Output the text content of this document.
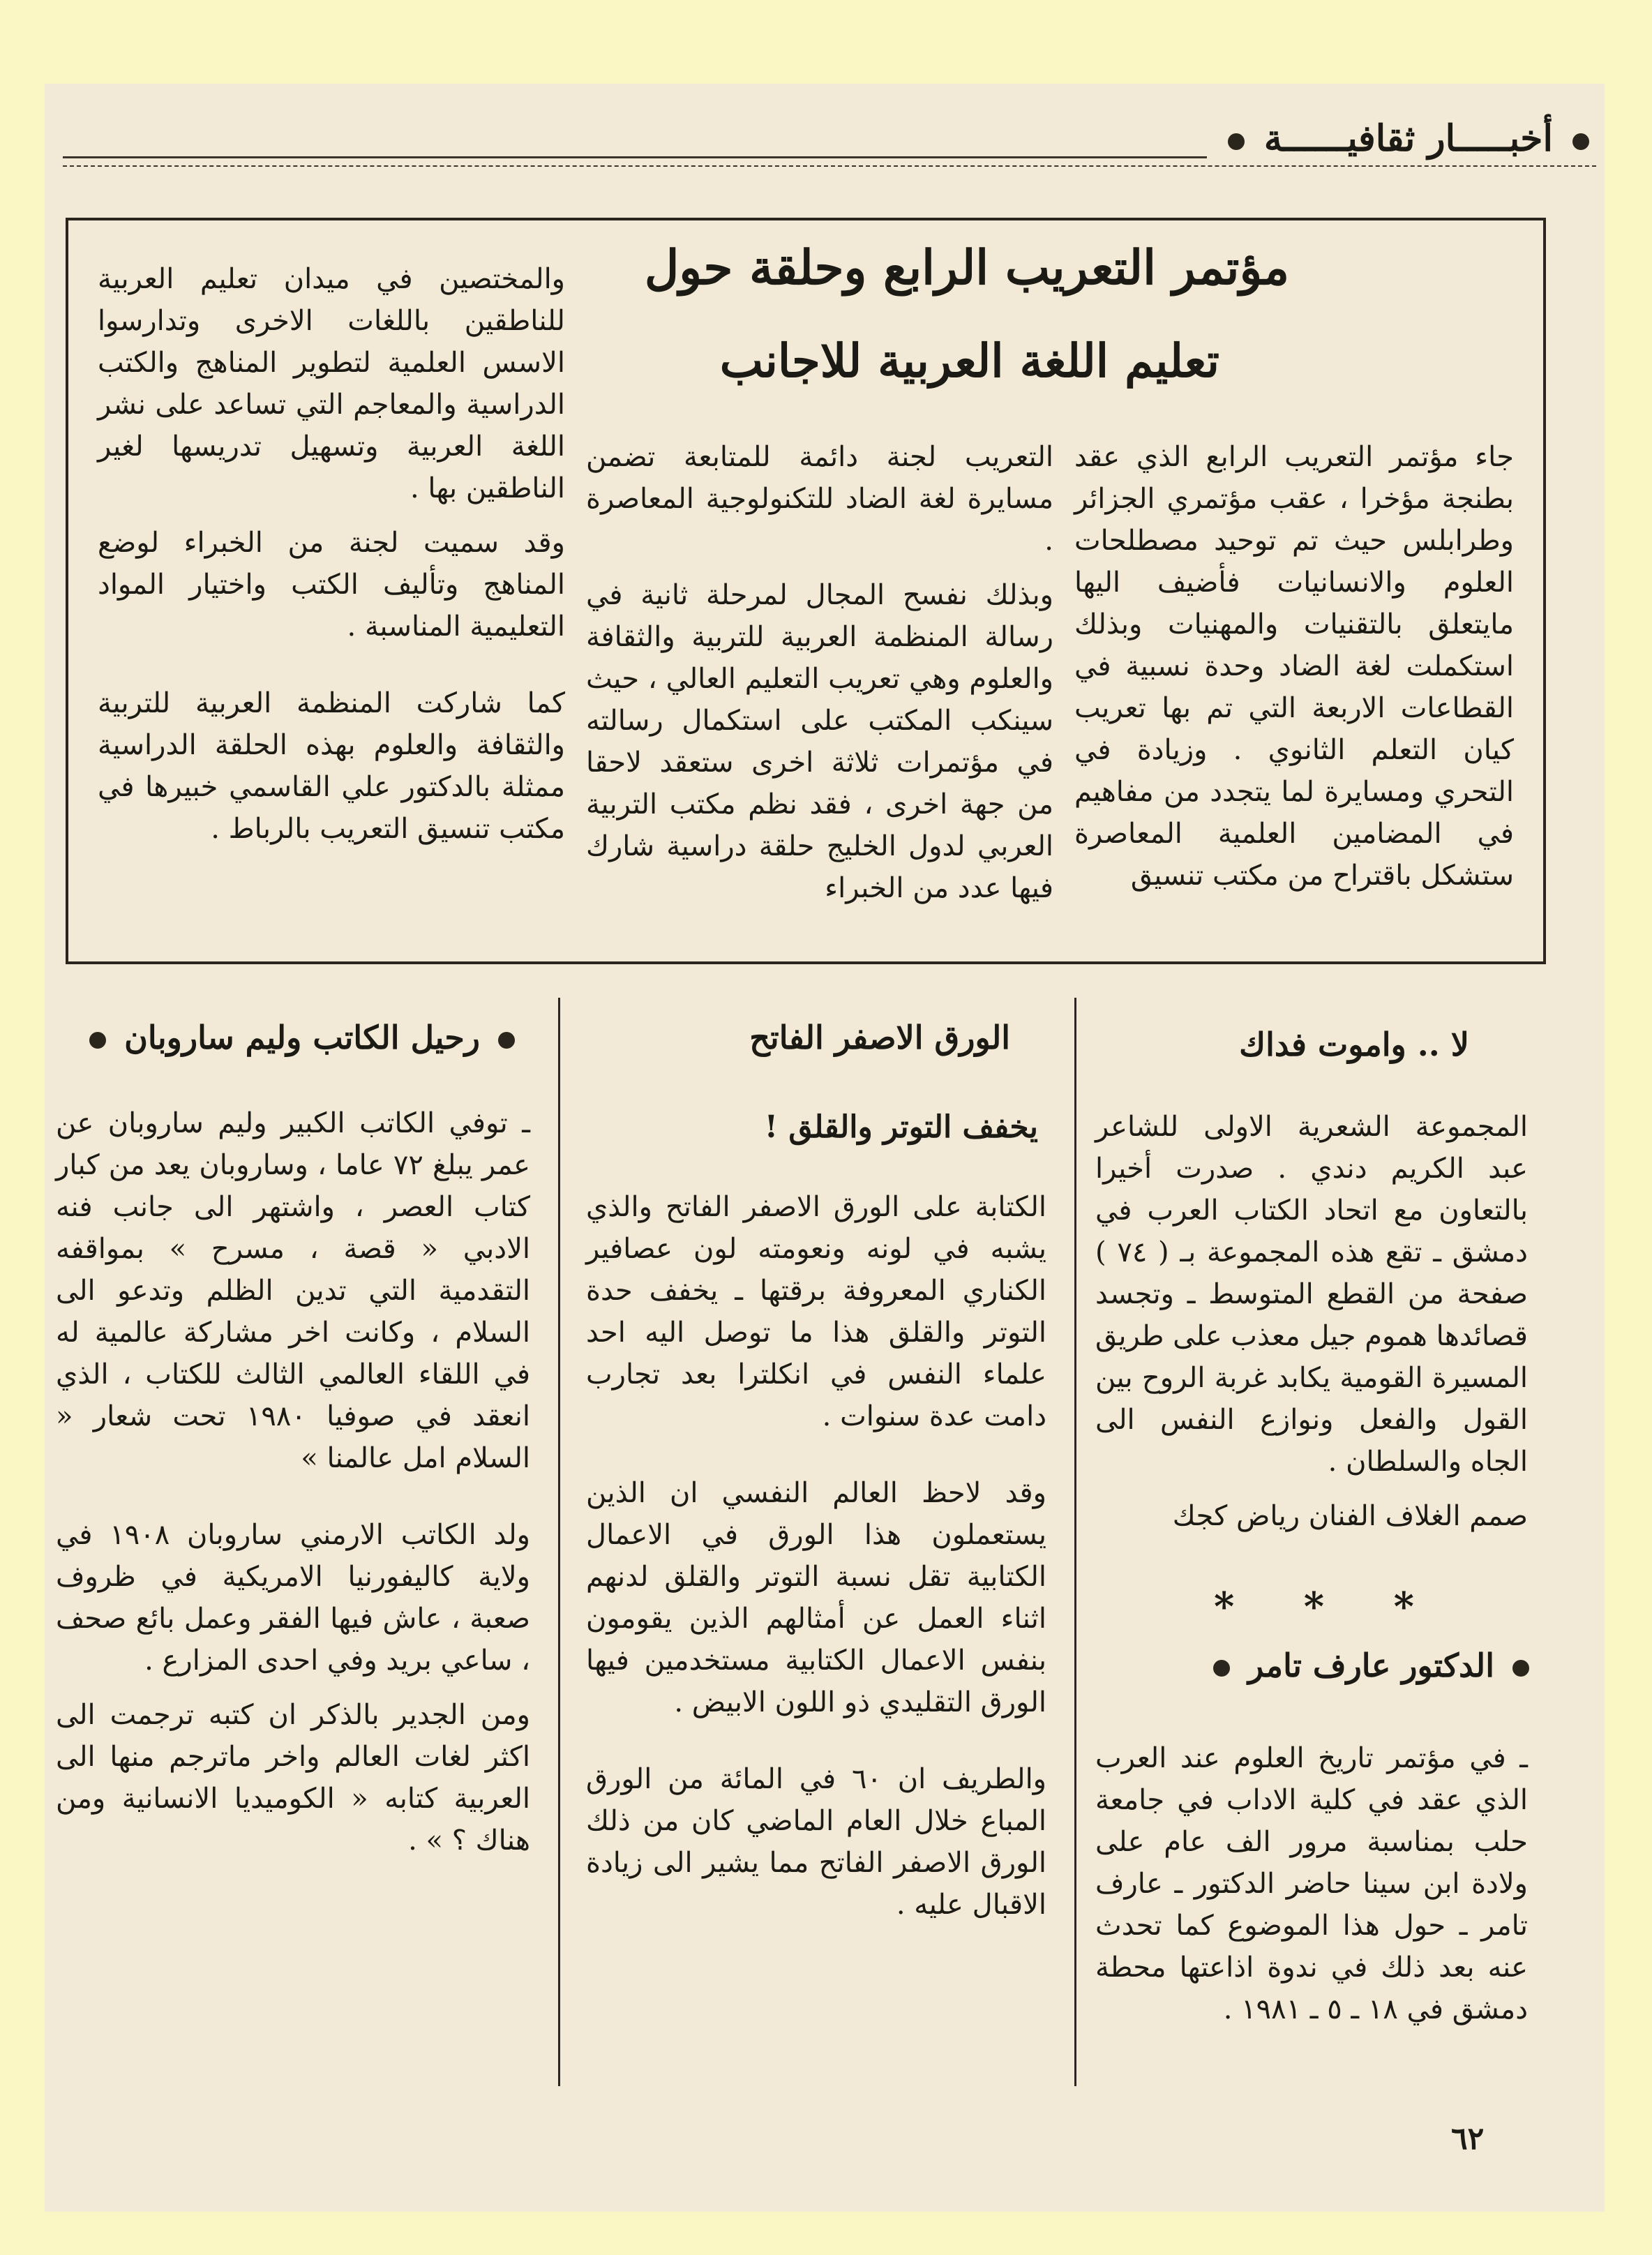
أخبـــــار ثقافيــــــة
مؤتمر التعريب الرابع وحلقة حول
تعليم اللغة العربية للاجانب

جاء مؤتمر التعريب الرابع الذي عقد بطنجة مؤخرا ، عقب مؤتمري الجزائر وطرابلس حيث تم توحيد مصطلحات العلوم والانسانيات فأضيف اليها مايتعلق بالتقنيات والمهنيات وبذلك استكملت لغة الضاد وحدة نسبية في القطاعات الاربعة التي تم بها تعريب كيان التعلم الثانوي . وزيادة في التحري ومسايرة لما يتجدد من مفاهيم في المضامين العلمية المعاصرة ستشكل باقتراح من مكتب تنسيق

التعريب لجنة دائمة للمتابعة تضمن مسايرة لغة الضاد للتكنولوجية المعاصرة .

وبذلك نفسح المجال لمرحلة ثانية في رسالة المنظمة العربية للتربية والثقافة والعلوم وهي تعريب التعليم العالي ، حيث سينكب المكتب على استكمال رسالته في مؤتمرات ثلاثة اخرى ستعقد لاحقا من جهة اخرى ، فقد نظم مكتب التربية العربي لدول الخليج حلقة دراسية شارك فيها عدد من الخبراء

والمختصين في ميدان تعليم العربية للناطقين باللغات الاخرى وتدارسوا الاسس العلمية لتطوير المناهج والكتب الدراسية والمعاجم التي تساعد على نشر اللغة العربية وتسهيل تدريسها لغير الناطقين بها .

وقد سميت لجنة من الخبراء لوضع المناهج وتأليف الكتب واختيار المواد التعليمية المناسبة .

كما شاركت المنظمة العربية للتربية والثقافة والعلوم بهذه الحلقة الدراسية ممثلة بالدكتور علي القاسمي خبيرها في مكتب تنسيق التعريب بالرباط .

لا .. واموت فداك

المجموعة الشعرية الاولى للشاعر عبد الكريم دندي . صدرت أخيرا بالتعاون مع اتحاد الكتاب العرب في دمشق ـ تقع هذه المجموعة بـ ( ٧٤ ) صفحة من القطع المتوسط ـ وتجسد قصائدها هموم جيل معذب على طريق المسيرة القومية يكابد غربة الروح بين القول والفعل ونوازع النفس الى الجاه والسلطان .

صمم الغلاف الفنان رياض كجك

* * *
الدكتور عارف تامر

ـ في مؤتمر تاريخ العلوم عند العرب الذي عقد في كلية الاداب في جامعة حلب بمناسبة مرور الف عام على ولادة ابن سينا حاضر الدكتور ـ عارف تامر ـ حول هذا الموضوع كما تحدث عنه بعد ذلك في ندوة اذاعتها محطة دمشق في ١٨ ـ ٥ ـ ١٩٨١ .

الورق الاصفر الفاتح
يخفف التوتر والقلق !

الكتابة على الورق الاصفر الفاتح والذي يشبه في لونه ونعومته لون عصافير الكناري المعروفة برقتها ـ يخفف حدة التوتر والقلق هذا ما توصل اليه احد علماء النفس في انكلترا بعد تجارب دامت عدة سنوات .

وقد لاحظ العالم النفسي ان الذين يستعملون هذا الورق في الاعمال الكتابية تقل نسبة التوتر والقلق لدنهم اثناء العمل عن أمثالهم الذين يقومون بنفس الاعمال الكتابية مستخدمين فيها الورق التقليدي ذو اللون الابيض .

والطريف ان ٦٠ في المائة من الورق المباع خلال العام الماضي كان من ذلك الورق الاصفر الفاتح مما يشير الى زيادة الاقبال عليه .

رحيل الكاتب وليم ساروبان

ـ توفي الكاتب الكبير وليم ساروبان عن عمر يبلغ ٧٢ عاما ، وساروبان يعد من كبار كتاب العصر ، واشتهر الى جانب فنه الادبي « قصة ، مسرح » بمواقفه التقدمية التي تدين الظلم وتدعو الى السلام ، وكانت اخر مشاركة عالمية له في اللقاء العالمي الثالث للكتاب ، الذي انعقد في صوفيا ١٩٨٠ تحت شعار « السلام امل عالمنا »

ولد الكاتب الارمني ساروبان ١٩٠٨ في ولاية كاليفورنيا الامريكية في ظروف صعبة ، عاش فيها الفقر وعمل بائع صحف ، ساعي بريد وفي احدى المزارع .

ومن الجدير بالذكر ان كتبه ترجمت الى اكثر لغات العالم واخر ماترجم منها الى العربية كتابه « الكوميديا الانسانية ومن هناك ؟ » .

٦٢
